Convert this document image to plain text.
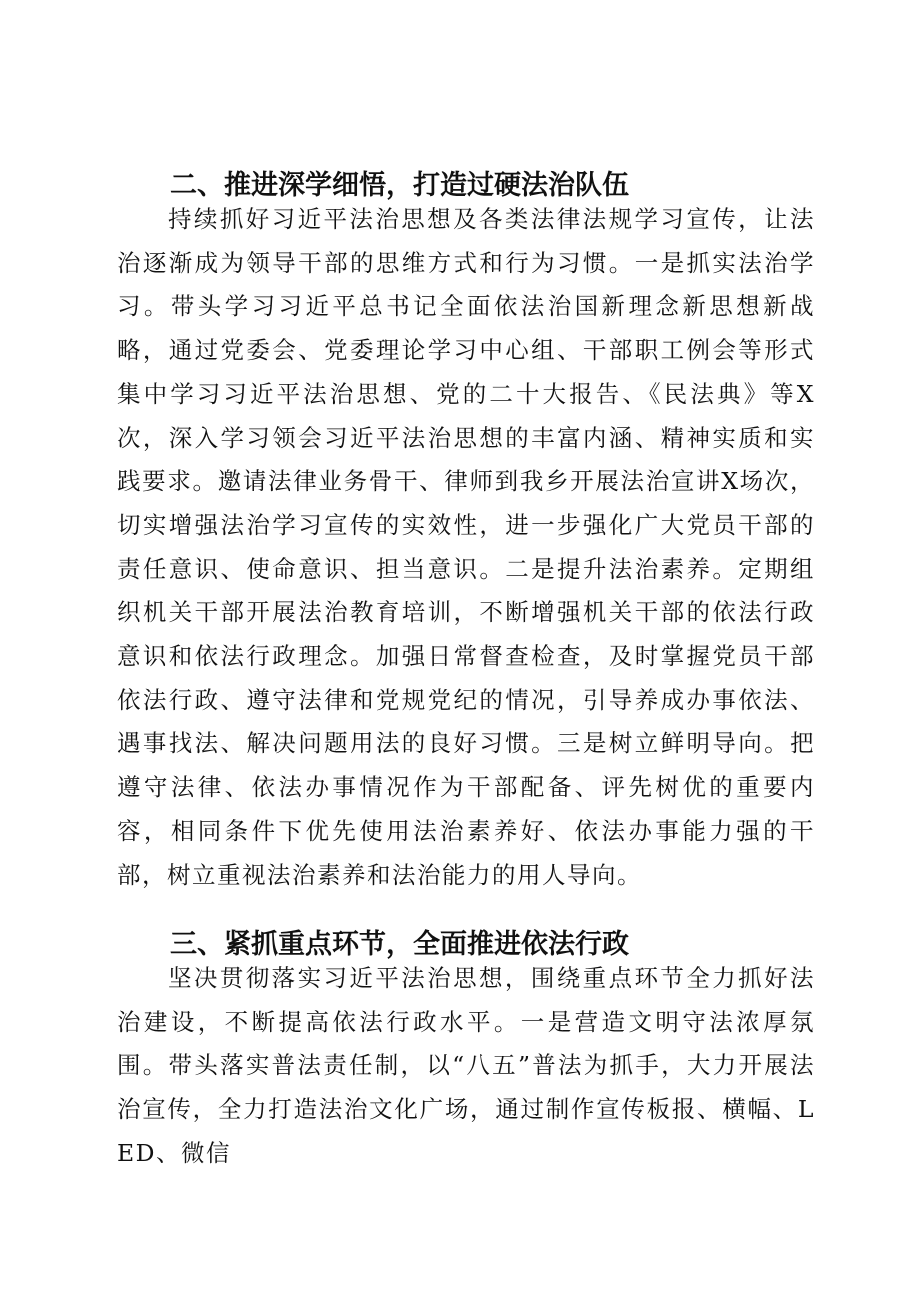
二、推进深学细悟，打造过硬法治队伍

持续抓好习近平法治思想及各类法律法规学习宣传，让法治逐渐成为领导干部的思维方式和行为习惯。一是抓实法治学习。带头学习习近平总书记全面依法治国新理念新思想新战略，通过党委会、党委理论学习中心组、干部职工例会等形式集中学习习近平法治思想、党的二十大报告、《民法典》等X次，深入学习领会习近平法治思想的丰富内涵、精神实质和实践要求。邀请法律业务骨干、律师到我乡开展法治宣讲X场次，切实增强法治学习宣传的实效性，进一步强化广大党员干部的责任意识、使命意识、担当意识。二是提升法治素养。定期组织机关干部开展法治教育培训，不断增强机关干部的依法行政意识和依法行政理念。加强日常督查检查，及时掌握党员干部依法行政、遵守法律和党规党纪的情况，引导养成办事依法、遇事找法、解决问题用法的良好习惯。三是树立鲜明导向。把遵守法律、依法办事情况作为干部配备、评先树优的重要内容，相同条件下优先使用法治素养好、依法办事能力强的干部，树立重视法治素养和法治能力的用人导向。

三、紧抓重点环节，全面推进依法行政

坚决贯彻落实习近平法治思想，围绕重点环节全力抓好法治建设，不断提高依法行政水平。一是营造文明守法浓厚氛围。带头落实普法责任制，以“八五”普法为抓手，大力开展法治宣传，全力打造法治文化广场，通过制作宣传板报、横幅、LED、微信
